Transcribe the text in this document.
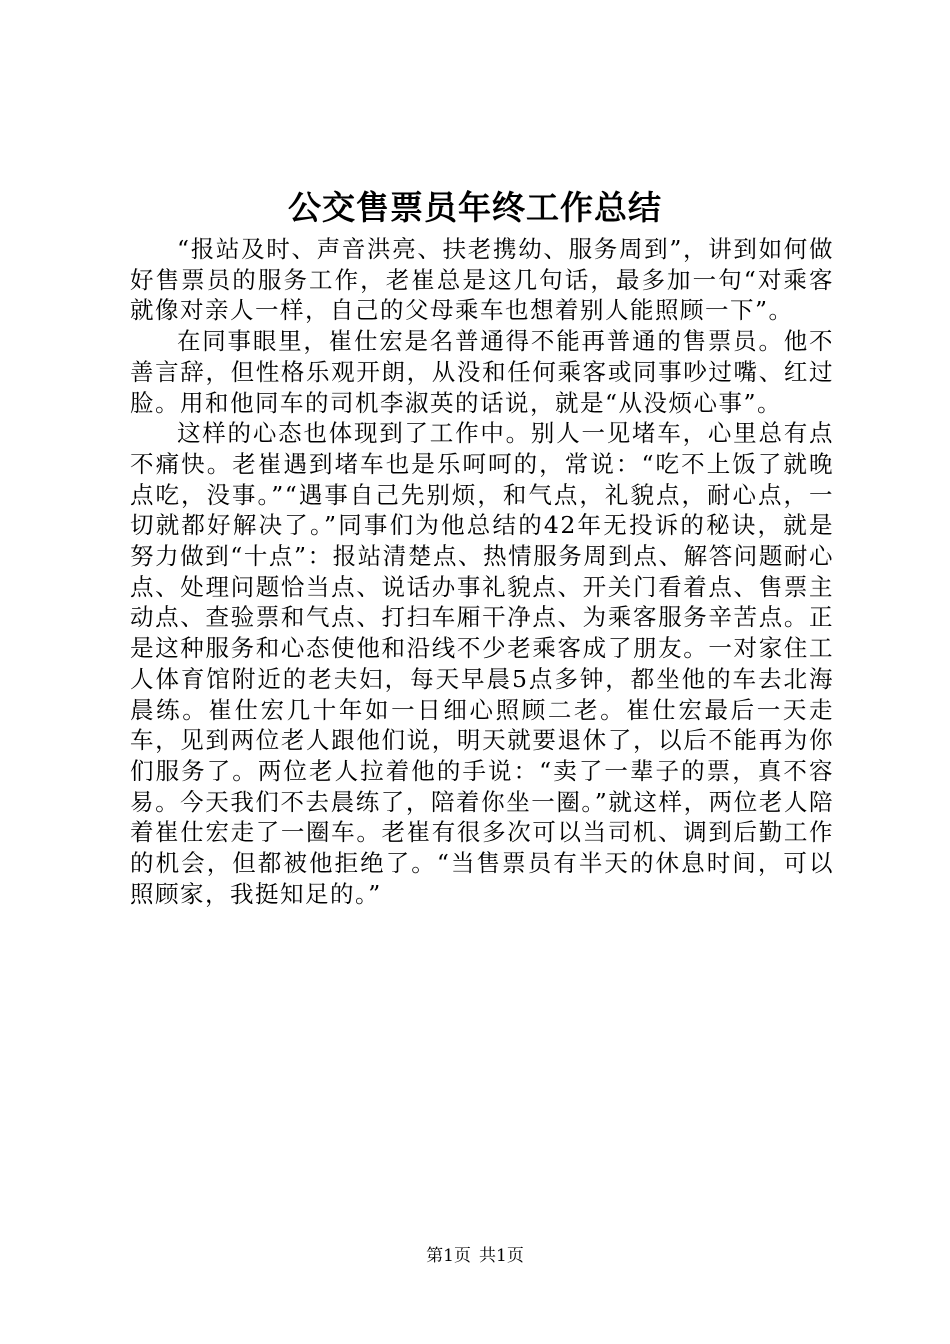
公交售票员年终工作总结

“报站及时、声音洪亮、扶老携幼、服务周到”，讲到如何做好售票员的服务工作，老崔总是这几句话，最多加一句“对乘客就像对亲人一样，自己的父母乘车也想着别人能照顾一下”。

在同事眼里，崔仕宏是名普通得不能再普通的售票员。他不善言辞，但性格乐观开朗，从没和任何乘客或同事吵过嘴、红过脸。用和他同车的司机李淑英的话说，就是“从没烦心事”。

这样的心态也体现到了工作中。别人一见堵车，心里总有点不痛快。老崔遇到堵车也是乐呵呵的，常说：“吃不上饭了就晚点吃，没事。”“遇事自己先别烦，和气点，礼貌点，耐心点，一切就都好解决了。”同事们为他总结的42年无投诉的秘诀，就是努力做到“十点”：报站清楚点、热情服务周到点、解答问题耐心点、处理问题恰当点、说话办事礼貌点、开关门看着点、售票主动点、查验票和气点、打扫车厢干净点、为乘客服务辛苦点。正是这种服务和心态使他和沿线不少老乘客成了朋友。一对家住工人体育馆附近的老夫妇，每天早晨5点多钟，都坐他的车去北海晨练。崔仕宏几十年如一日细心照顾二老。崔仕宏最后一天走车，见到两位老人跟他们说，明天就要退休了，以后不能再为你们服务了。两位老人拉着他的手说：“卖了一辈子的票，真不容易。今天我们不去晨练了，陪着你坐一圈。”就这样，两位老人陪着崔仕宏走了一圈车。老崔有很多次可以当司机、调到后勤工作的机会，但都被他拒绝了。“当售票员有半天的休息时间，可以照顾家，我挺知足的。”

第1页 共1页
